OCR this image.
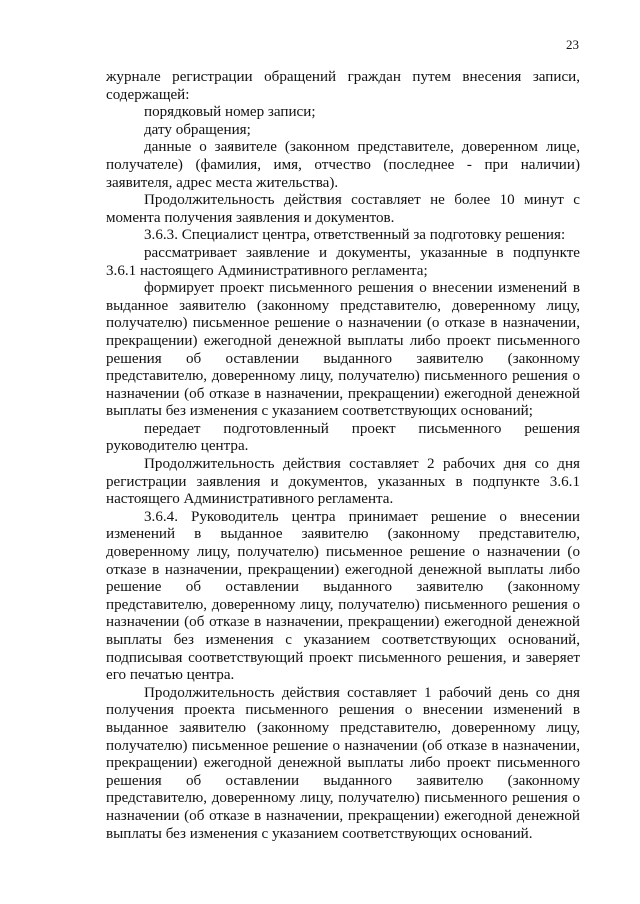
23

журнале регистрации обращений граждан путем внесения записи, содержащей:

порядковый номер записи;

дату обращения;

данные о заявителе (законном представителе, доверенном лице, получателе) (фамилия, имя, отчество (последнее - при наличии) заявителя, адрес места жительства).

Продолжительность действия составляет не более 10 минут с момента получения заявления и документов.

3.6.3. Специалист центра, ответственный за подготовку решения:

рассматривает заявление и документы, указанные в подпункте 3.6.1 настоящего Административного регламента;

формирует проект письменного решения о внесении изменений в выданное заявителю (законному представителю, доверенному лицу, получателю) письменное решение о назначении (о отказе в назначении, прекращении) ежегодной денежной выплаты либо проект письменного решения об оставлении выданного заявителю (законному представителю, доверенному лицу, получателю) письменного решения о назначении (об отказе в назначении, прекращении) ежегодной денежной выплаты без изменения с указанием соответствующих оснований;

передает подготовленный проект письменного решения руководителю центра.

Продолжительность действия составляет 2 рабочих дня со дня регистрации заявления и документов, указанных в подпункте 3.6.1 настоящего Административного регламента.

3.6.4. Руководитель центра принимает решение о внесении изменений в выданное заявителю (законному представителю, доверенному лицу, получателю) письменное решение о назначении (о отказе в назначении, прекращении) ежегодной денежной выплаты либо решение об оставлении выданного заявителю (законному представителю, доверенному лицу, получателю) письменного решения о назначении (об отказе в назначении, прекращении) ежегодной денежной выплаты без изменения с указанием соответствующих оснований, подписывая соответствующий проект письменного решения, и заверяет его печатью центра.

Продолжительность действия составляет 1 рабочий день со дня получения проекта письменного решения о внесении изменений в выданное заявителю (законному представителю, доверенному лицу, получателю) письменное решение о назначении (об отказе в назначении, прекращении) ежегодной денежной выплаты либо проект письменного решения об оставлении выданного заявителю (законному представителю, доверенному лицу, получателю) письменного решения о назначении (об отказе в назначении, прекращении) ежегодной денежной выплаты без изменения с указанием соответствующих оснований.
